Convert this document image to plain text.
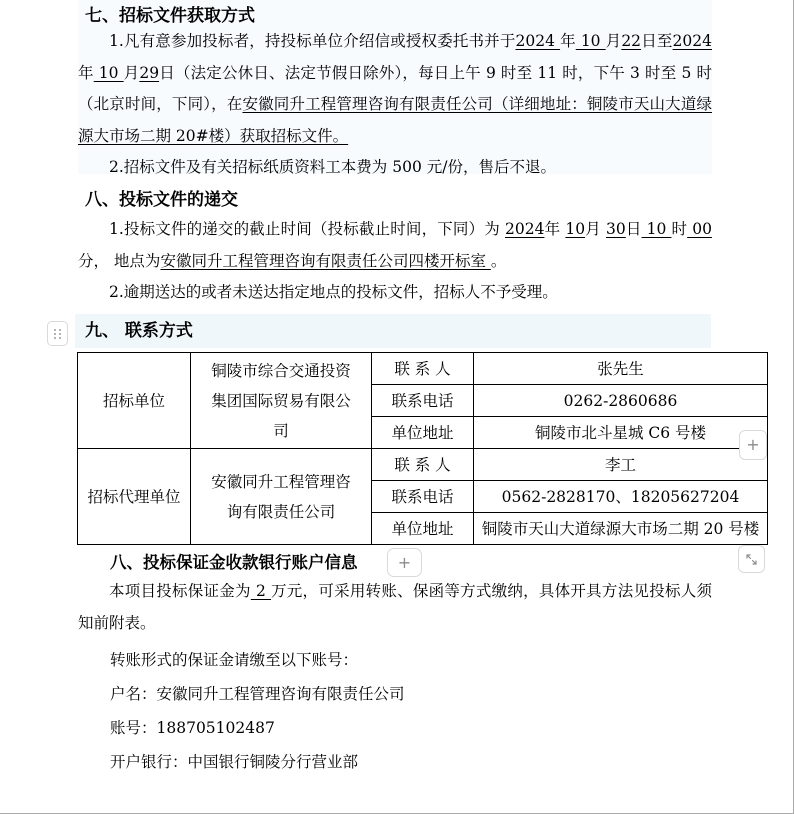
七、招标文件获取方式

1.凡有意参加投标者，持投标单位介绍信或授权委托书并于2024 年 10 月22日至2024年 10 月29日（法定公休日、法定节假日除外），每日上午 9 时至 11 时，下午 3 时至 5 时（北京时间，下同），在安徽同升工程管理咨询有限责任公司（详细地址：铜陵市天山大道绿源大市场二期 20#楼）获取招标文件。

2.招标文件及有关招标纸质资料工本费为 500 元/份，售后不退。

八、投标文件的递交

1.投标文件的递交的截止时间（投标截止时间，下同）为 2024年 10月 30日 10 时 00分， 地点为安徽同升工程管理咨询有限责任公司四楼开标室 。

2.逾期送达的或者未送达指定地点的投标文件，招标人不予受理。

九、 联系方式
招标单位	铜陵市综合交通投资集团国际贸易有限公司	联 系 人	张先生
		联系电话	0262-2860686
		单位地址	铜陵市北斗星城 C6 号楼
招标代理单位	安徽同升工程管理咨询有限责任公司	联 系 人	李工
		联系电话	0562-2828170、18205627204
		单位地址	铜陵市天山大道绿源大市场二期 20 号楼
八、投标保证金收款银行账户信息

本项目投标保证金为 2 万元，可采用转账、保函等方式缴纳，具体开具方法见投标人须知前附表。

转账形式的保证金请缴至以下账号：

户名：安徽同升工程管理咨询有限责任公司

账号：188705102487

开户银行：中国银行铜陵分行营业部

+
+
